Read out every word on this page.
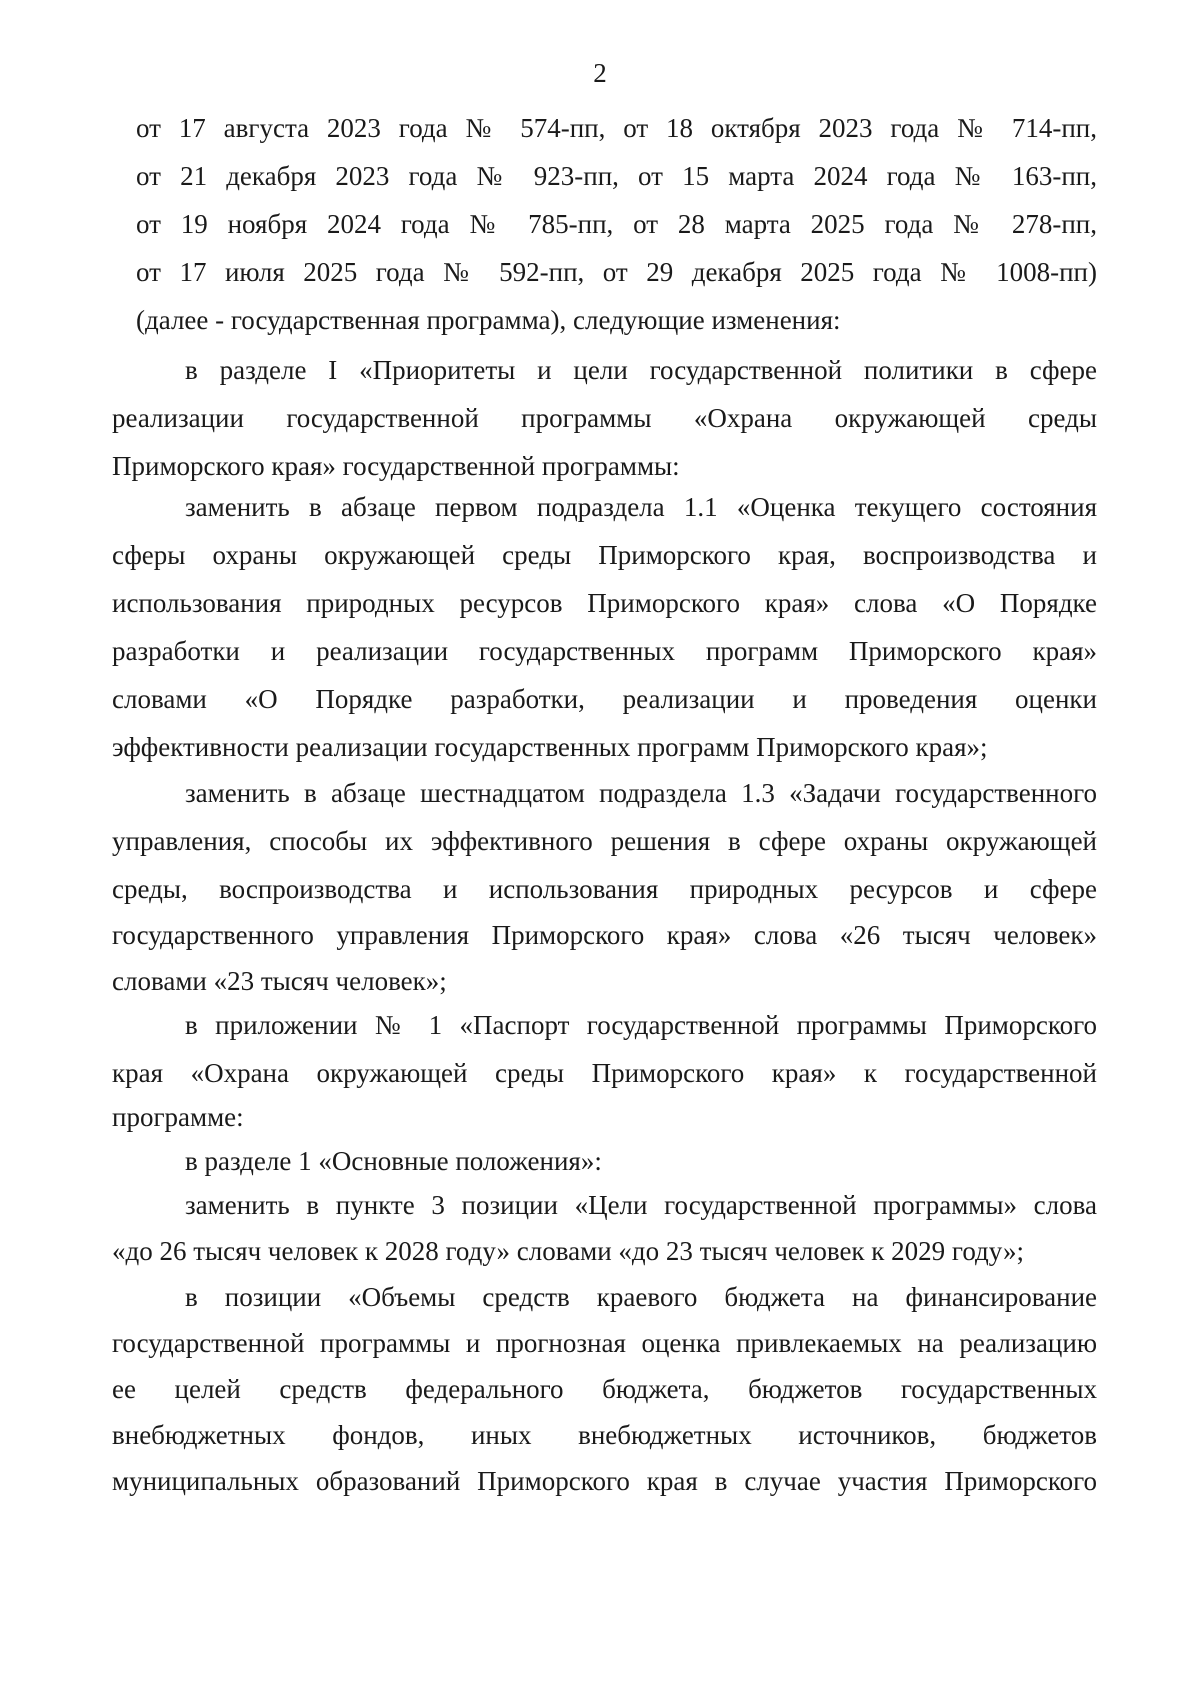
2
от 17 августа 2023 года № 574-пп, от 18 октября 2023 года № 714-пп,
от 21 декабря 2023 года № 923-пп, от 15 марта 2024 года № 163-пп,
от 19 ноября 2024 года № 785-пп, от 28 марта 2025 года № 278-пп,
от 17 июля 2025 года № 592-пп, от 29 декабря 2025 года № 1008-пп)
(далее - государственная программа), следующие изменения:
в разделе I «Приоритеты и цели государственной политики в сфере
реализации государственной программы «Охрана окружающей среды
Приморского края» государственной программы:
заменить в абзаце первом подраздела 1.1 «Оценка текущего состояния
сферы охраны окружающей среды Приморского края, воспроизводства и
использования природных ресурсов Приморского края» слова «О Порядке
разработки и реализации государственных программ Приморского края»
словами «О Порядке разработки, реализации и проведения оценки
эффективности реализации государственных программ Приморского края»;
заменить в абзаце шестнадцатом подраздела 1.3 «Задачи государственного
управления, способы их эффективного решения в сфере охраны окружающей
среды, воспроизводства и использования природных ресурсов и сфере
государственного управления Приморского края» слова «26 тысяч человек»
словами «23 тысяч человек»;
в приложении № 1 «Паспорт государственной программы Приморского
края «Охрана окружающей среды Приморского края» к государственной
программе:
в разделе 1 «Основные положения»:
заменить в пункте 3 позиции «Цели государственной программы» слова
«до 26 тысяч человек к 2028 году» словами «до 23 тысяч человек к 2029 году»;
в позиции «Объемы средств краевого бюджета на финансирование
государственной программы и прогнозная оценка привлекаемых на реализацию
ее целей средств федерального бюджета, бюджетов государственных
внебюджетных фондов, иных внебюджетных источников, бюджетов
муниципальных образований Приморского края в случае участия Приморского
